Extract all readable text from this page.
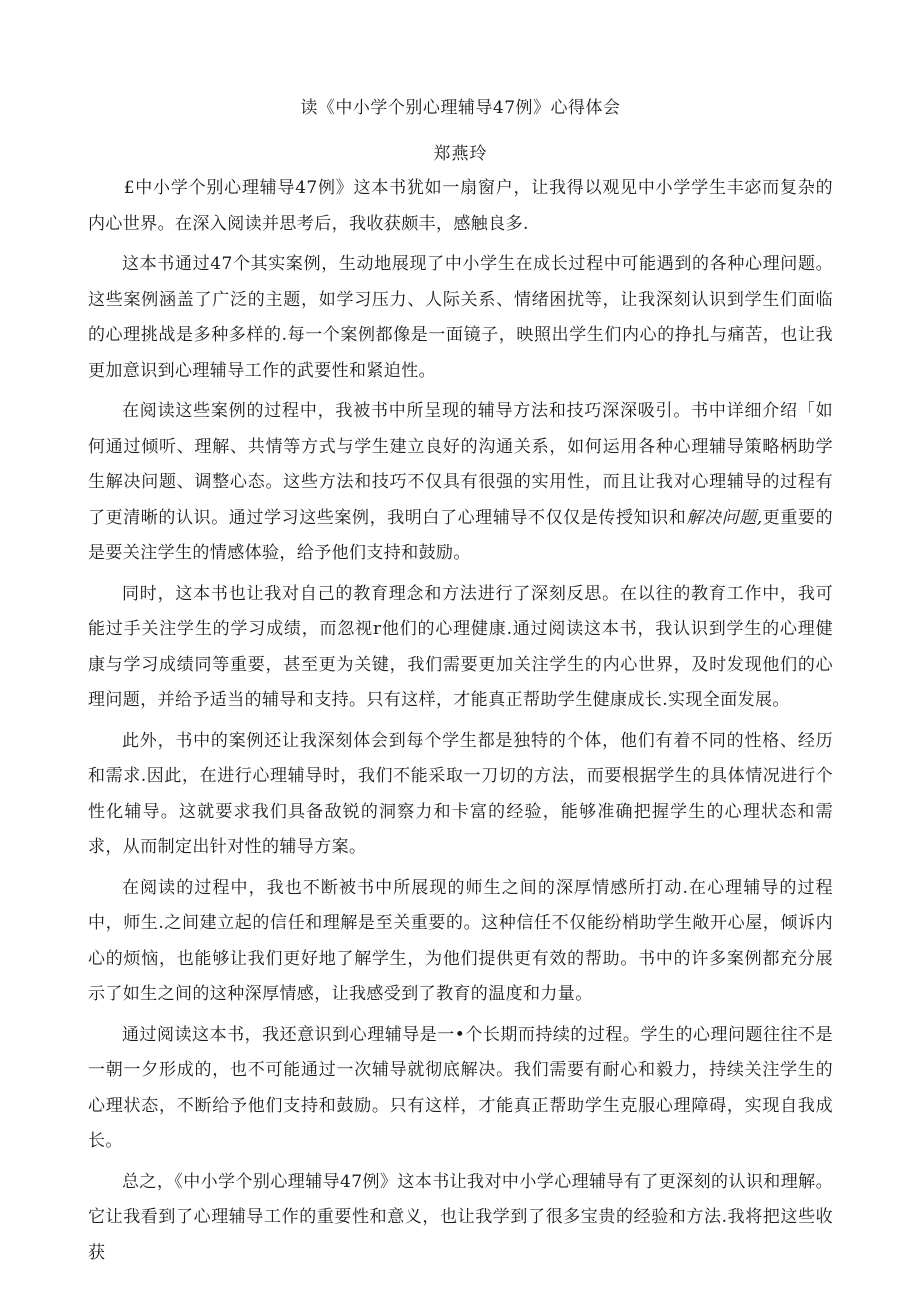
读《中小学个别心理辅导47例》心得体会
郑燕玲

£中小学个别心理辅导47例》这本书犹如一扇窗户，让我得以观见中小学学生丰宓而复杂的内心世界。在深入阅读并思考后，我收获颇丰，感触良多.

这本书通过47个其实案例，生动地展现了中小学生在成长过程中可能遇到的各种心理问题。这些案例涵盖了广泛的主题，如学习压力、人际关系、情绪困扰等，让我深刻认识到学生们面临的心理挑战是多种多样的.每一个案例都像是一面镜子，映照出学生们内心的挣扎与痛苦，也让我更加意识到心理辅导工作的武要性和紧迫性。

在阅读这些案例的过程中，我被书中所呈现的辅导方法和技巧深深吸引。书中详细介绍「如何通过倾听、理解、共情等方式与学生建立良好的沟通关系，如何运用各种心理辅导策略柄助学生解决问题、调整心态。这些方法和技巧不仅具有很强的实用性，而且让我对心理辅导的过程有了更清晰的认识。通过学习这些案例，我明白了心理辅导不仅仅是传授知识和解决问题,更重要的是要关注学生的情感体验，给予他们支持和鼓励。

同时，这本书也让我对自己的教育理念和方法进行了深刻反思。在以往的教育工作中，我可能过手关注学生的学习成绩，而忽视r他们的心理健康.通过阅读这本书，我认识到学生的心理健康与学习成绩同等重要，甚至更为关键，我们需要更加关注学生的内心世界，及时发现他们的心理问题，并给予适当的辅导和支持。只有这样，才能真正帮助学生健康成长.实现全面发展。

此外，书中的案例还让我深刻体会到每个学生都是独特的个体，他们有着不同的性格、经历和需求.因此，在进行心理辅导时，我们不能采取一刀切的方法，而要根据学生的具体情况进行个性化辅导。这就要求我们具备敌锐的洞察力和卡富的经验，能够准确把握学生的心理状态和需求，从而制定出针对性的辅导方案。

在阅读的过程中，我也不断被书中所展现的师生之间的深厚情感所打动.在心理辅导的过程中，师生.之间建立起的信任和理解是至关重要的。这种信任不仅能纷梢助学生敞开心屋，倾诉内心的烦恼，也能够让我们更好地了解学生，为他们提供更有效的帮助。书中的许多案例都充分展示了如生之间的这种深厚情感，让我感受到了教育的温度和力量。

通过阅读这本书，我还意识到心理辅导是一•个长期而持续的过程。学生的心理问题往往不是一朝一夕形成的，也不可能通过一次辅导就彻底解决。我们需要有耐心和毅力，持续关注学生的心理状态，不断给予他们支持和鼓励。只有这样，才能真正帮助学生克服心理障碍，实现自我成长。

总之，《中小学个别心理辅导47例》这本书让我对中小学心理辅导有了更深刻的认识和理解。它让我看到了心理辅导工作的重要性和意义，也让我学到了很多宝贵的经验和方法.我将把这些收获
